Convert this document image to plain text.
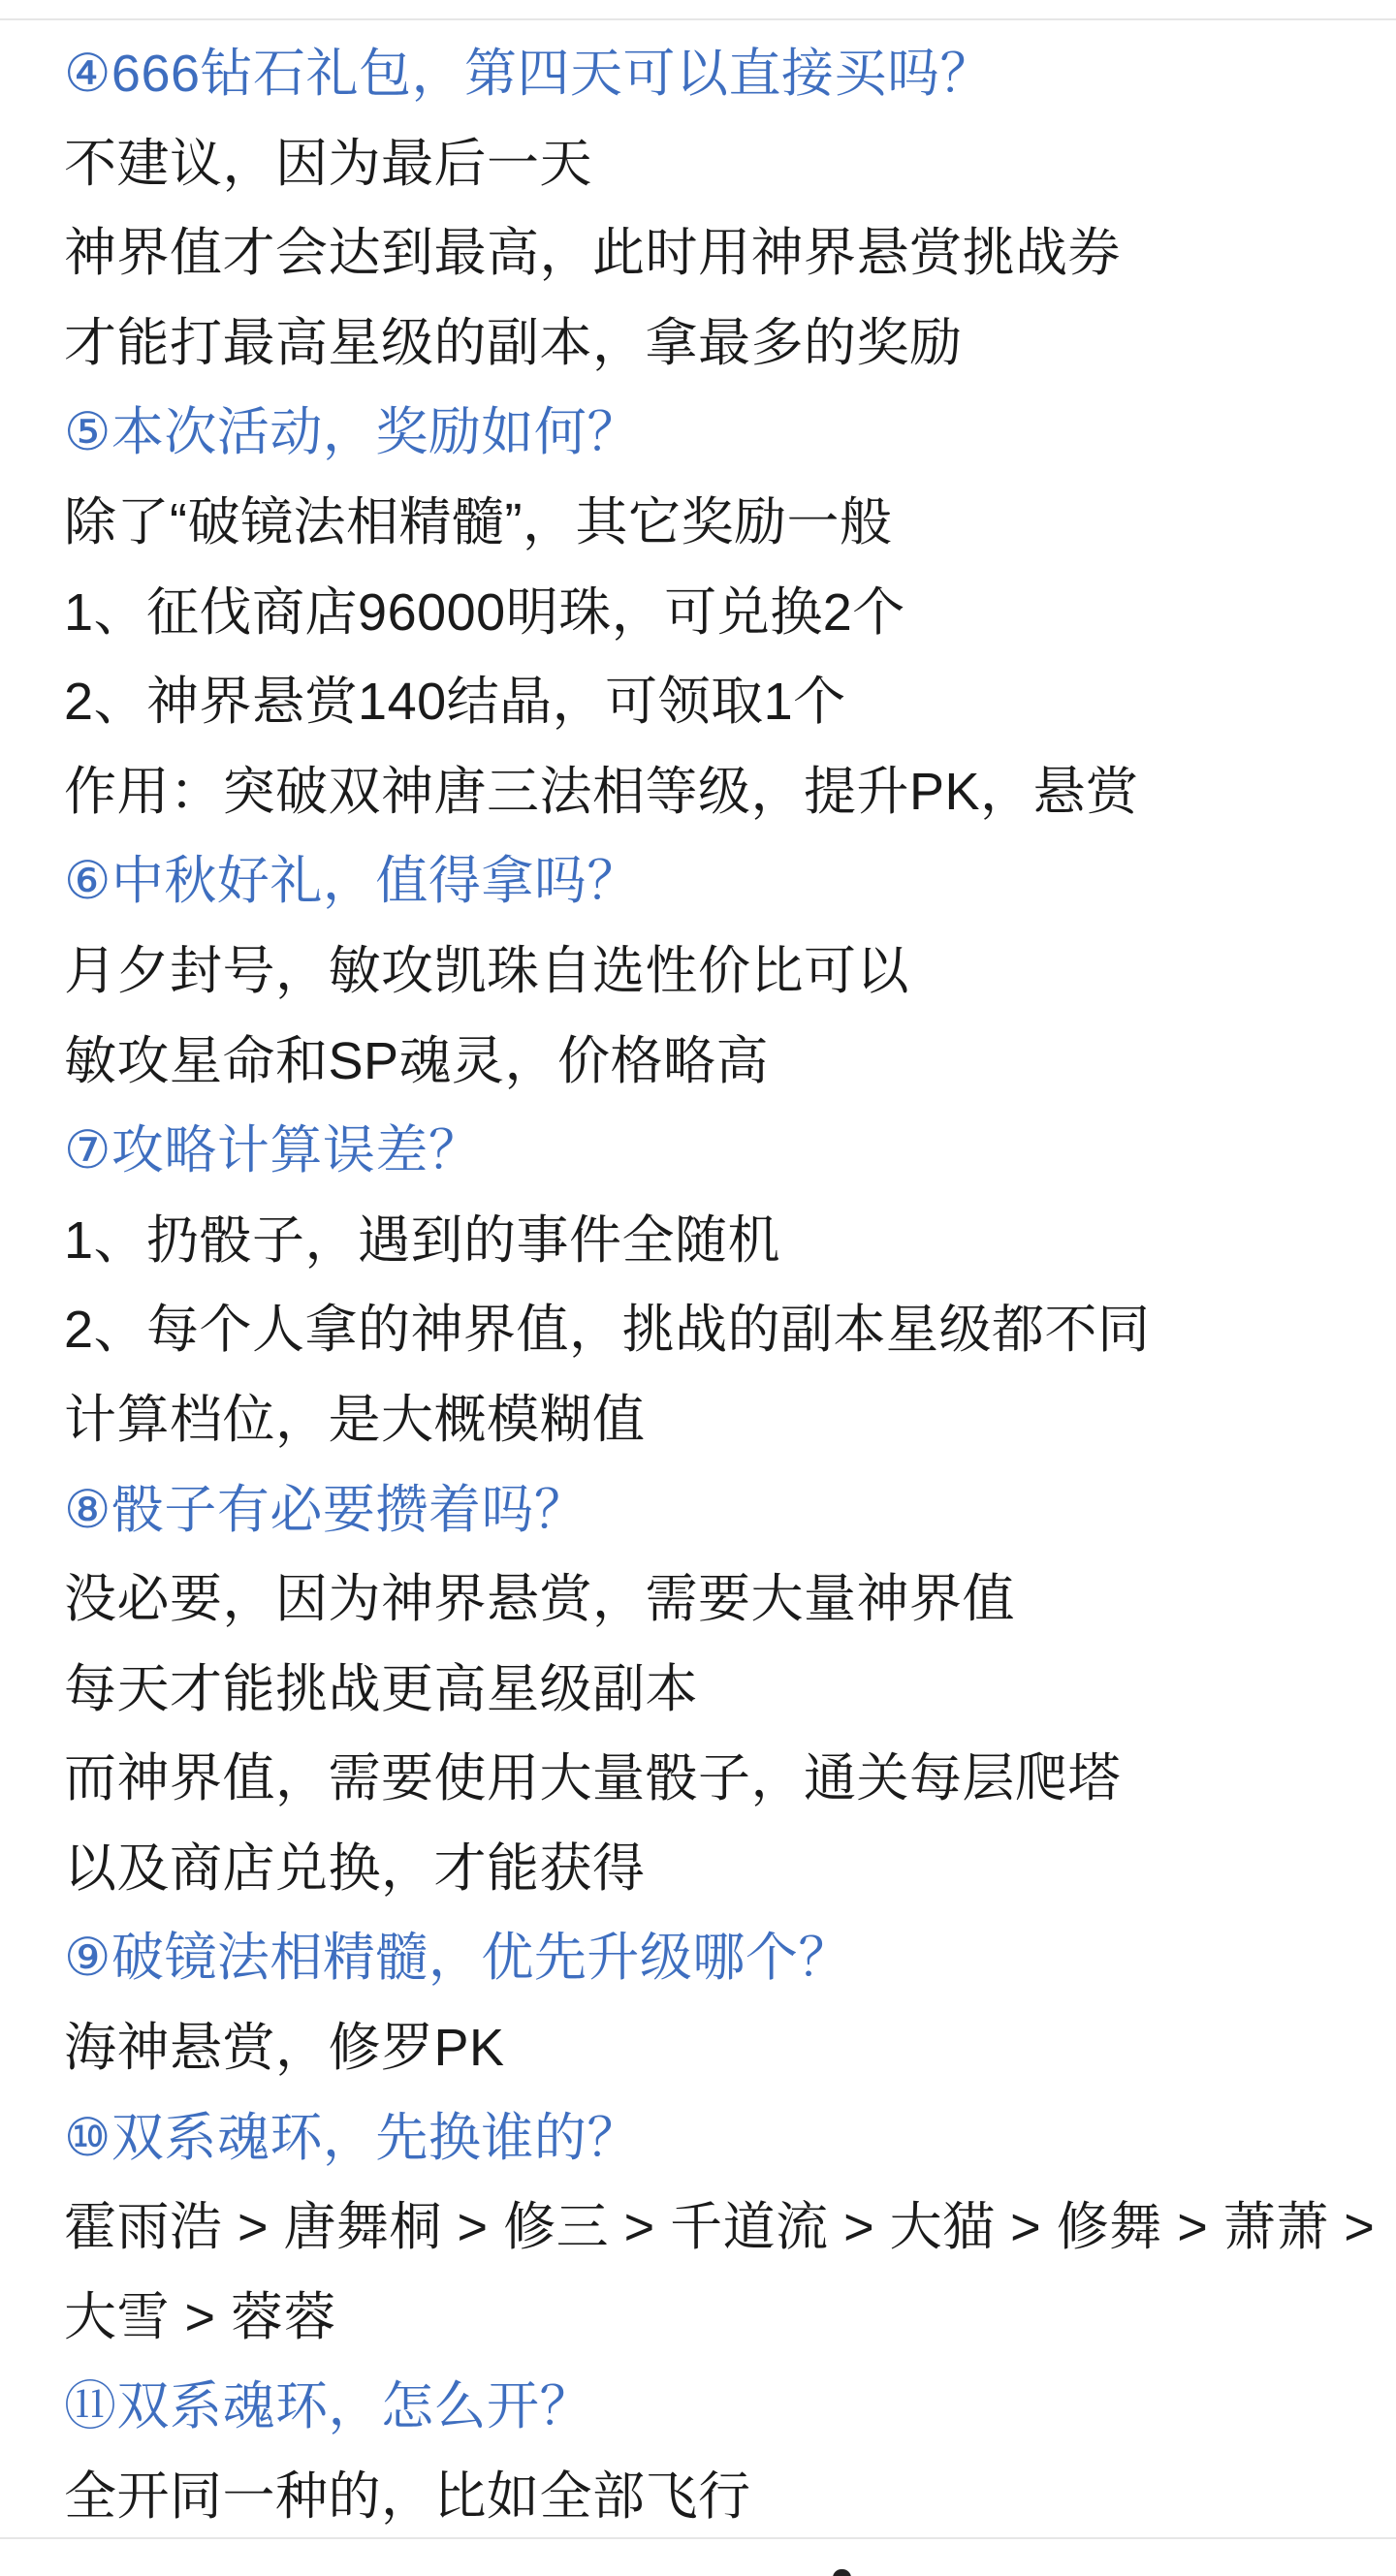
④666钻石礼包，第四天可以直接买吗？
不建议，因为最后一天
神界值才会达到最高，此时用神界悬赏挑战券
才能打最高星级的副本，拿最多的奖励
⑤本次活动，奖励如何？
除了“破镜法相精髓”，其它奖励一般
1、征伐商店96000明珠，可兑换2个
2、神界悬赏140结晶，可领取1个
作用：突破双神唐三法相等级，提升PK，悬赏
⑥中秋好礼，值得拿吗？
月夕封号，敏攻凯珠自选性价比可以
敏攻星命和SP魂灵，价格略高
⑦攻略计算误差？
1、扔骰子，遇到的事件全随机
2、每个人拿的神界值，挑战的副本星级都不同
计算档位，是大概模糊值
⑧骰子有必要攒着吗？
没必要，因为神界悬赏，需要大量神界值
每天才能挑战更高星级副本
而神界值，需要使用大量骰子，通关每层爬塔
以及商店兑换，才能获得
⑨破镜法相精髓，优先升级哪个？
海神悬赏，修罗PK
⑩双系魂环，先换谁的？
霍雨浩 > 唐舞桐 > 修三 > 千道流 > 大猫 > 修舞 > 萧萧 >
大雪 > 蓉蓉
⑪双系魂环，怎么开？
全开同一种的，比如全部飞行
